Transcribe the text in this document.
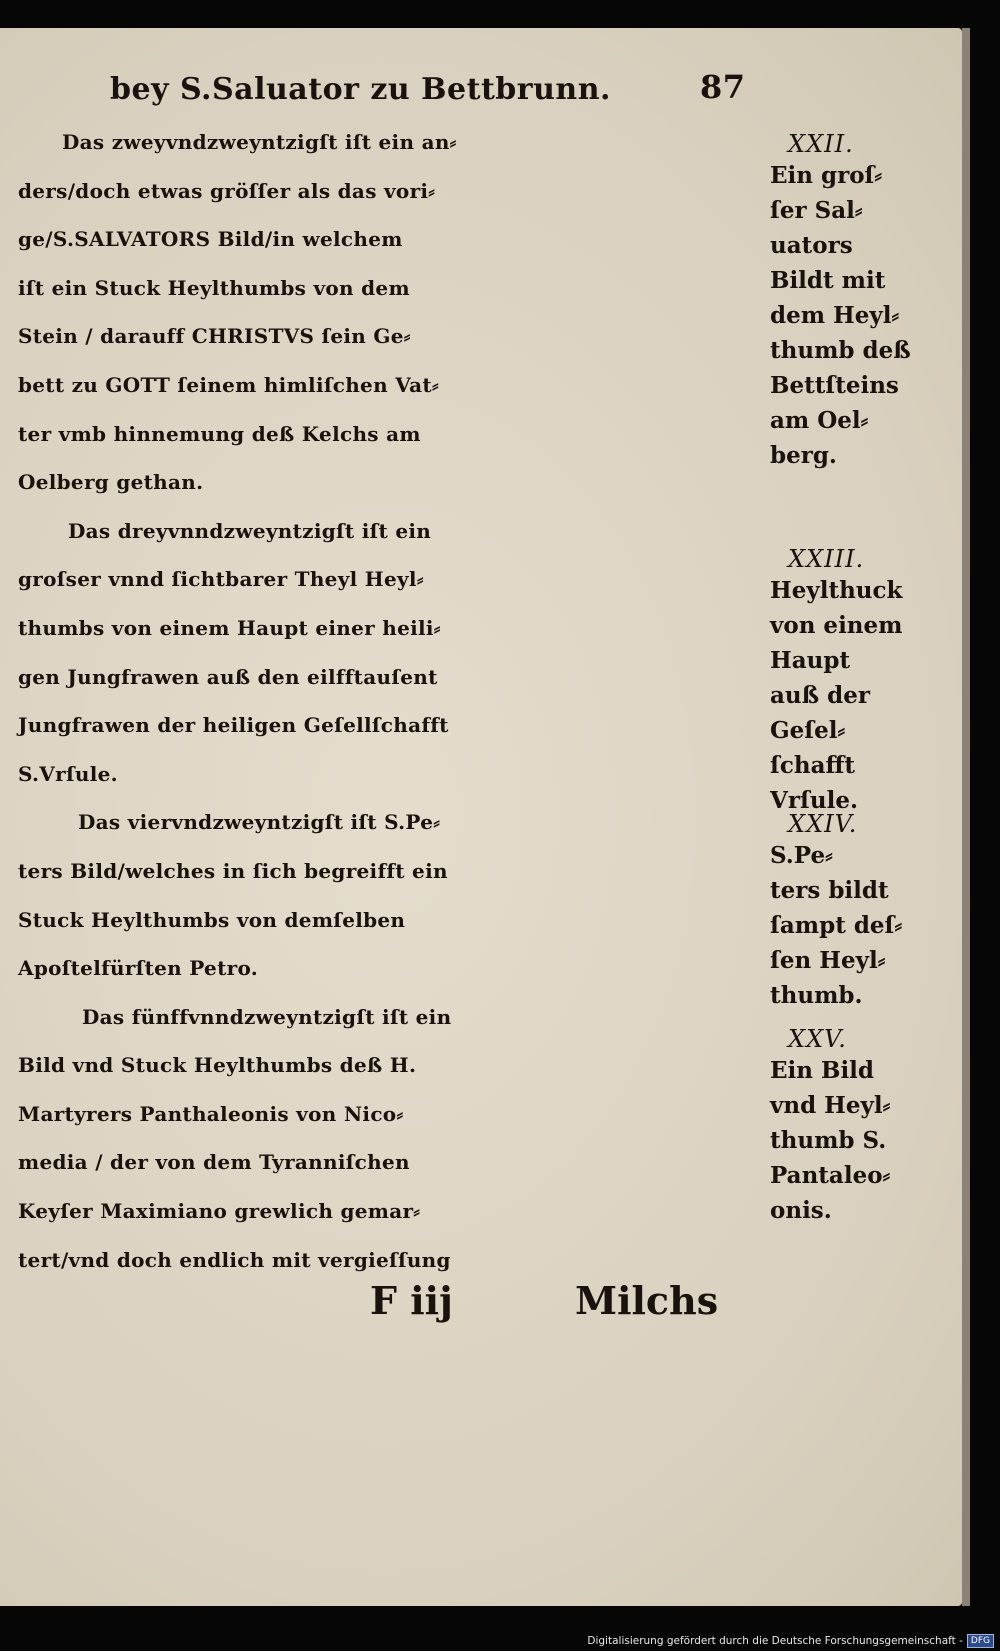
bey S.Saluator zu Bettbrunn.	87
Das zweyvndzweyntzigſt iſt ein an⸗
ders/doch etwas gröſſer als das vori⸗
ge/S.SALVATORS Bild/in welchem
iſt ein Stuck Heylthumbs von dem
Stein / darauff CHRISTVS ſein Ge⸗
bett zu GOTT ſeinem himliſchen Vat⸗
ter vmb hinnemung deß Kelchs am
Oelberg gethan.
Das dreyvnndzweyntzigſt iſt ein
groſser vnnd ſichtbarer Theyl Heyl⸗
thumbs von einem Haupt einer heili⸗
gen Jungfrawen auß den eilfftauſent
Jungfrawen der heiligen Geſellſchafft
S.Vrſule.
Das viervndzweyntzigſt iſt S.Pe⸗
ters Bild/welches in ſich begreifft ein
Stuck Heylthumbs von demſelben
Apoſtelfürſten Petro.
Das fünffvnndzweyntzigſt iſt ein
Bild vnd Stuck Heylthumbs deß H.
Martyrers Panthaleonis von Nico⸗
media / der von dem Tyranniſchen
Keyſer Maximiano grewlich gemar⸗
tert/vnd doch endlich mit vergieſſung
F iij	Milchs
XXII.
Ein groſ⸗
ſer Sal⸗
uators
Bildt mit
dem Heyl⸗
thumb deß
Bettſteins
am Oel⸗
berg.
XXIII.
Heylthuck
von einem
Haupt
auß der
Geſel⸗
ſchafft
Vrſule.
XXIV.
S.Pe⸗
ters bildt
ſampt deſ⸗
ſen Heyl⸗
thumb.
XXV.
Ein Bild
vnd Heyl⸗
thumb S.
Pantaleo⸗
onis.
Digitalisierung gefördert durch die Deutsche Forschungsgemeinschaft - DFG
